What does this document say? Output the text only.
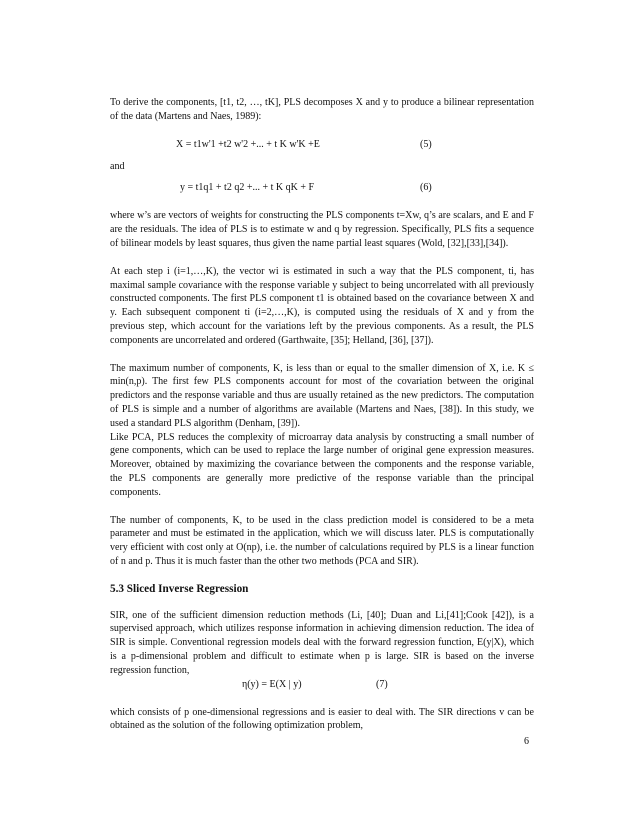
To derive the components, [t1, t2, …, tK], PLS decomposes X and y to produce a bilinear representation of the data (Martens and Naes, 1989):

X = t1w'1 +t2 w'2 +... + t K w'K +E	(5)
and
y = t1q1 + t2 q2 +... + t K qK + F	(6)

where w’s are vectors of weights for constructing the PLS components t=Xw, q’s are scalars, and E and F are the residuals. The idea of PLS is to estimate w and q by regression. Specifically, PLS fits a sequence of bilinear models by least squares, thus given the name partial least squares (Wold, [32],[33],[34]).

At each step i (i=1,…,K), the vector wi is estimated in such a way that the PLS component, ti, has maximal sample covariance with the response variable y subject to being uncorrelated with all previously constructed components. The first PLS component t1 is obtained based on the covariance between X and y. Each subsequent component ti (i=2,…,K), is computed using the residuals of X and y from the previous step, which account for the variations left by the previous components. As a result, the PLS components are uncorrelated and ordered (Garthwaite, [35]; Helland, [36], [37]).

The maximum number of components, K, is less than or equal to the smaller dimension of X, i.e. K ≤ min(n,p). The first few PLS components account for most of the covariation between the original predictors and the response variable and thus are usually retained as the new predictors. The computation of PLS is simple and a number of algorithms are available (Martens and Naes, [38]). In this study, we used a standard PLS algorithm (Denham, [39]).

Like PCA, PLS reduces the complexity of microarray data analysis by constructing a small number of gene components, which can be used to replace the large number of original gene expression measures. Moreover, obtained by maximizing the covariance between the components and the response variable, the PLS components are generally more predictive of the response variable than the principal components.

The number of components, K, to be used in the class prediction model is considered to be a meta parameter and must be estimated in the application, which we will discuss later. PLS is computationally very efficient with cost only at O(np), i.e. the number of calculations required by PLS is a linear function of n and p. Thus it is much faster than the other two methods (PCA and SIR).

5.3 Sliced Inverse Regression

SIR, one of the sufficient dimension reduction methods (Li, [40]; Duan and Li,[41];Cook [42]), is a supervised approach, which utilizes response information in achieving dimension reduction. The idea of SIR is simple. Conventional regression models deal with the forward regression function, E(y|X), which is a p-dimensional problem and difficult to estimate when p is large. SIR is based on the inverse regression function,

η(y) = E(X | y)	(7)

which consists of p one-dimensional regressions and is easier to deal with. The SIR directions v can be obtained as the solution of the following optimization problem,

6
